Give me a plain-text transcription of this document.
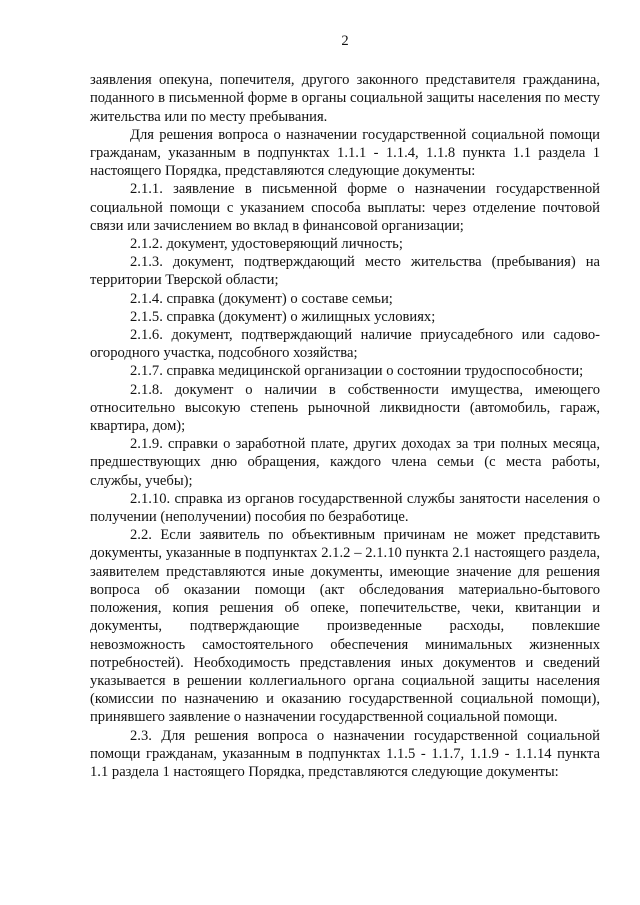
2
заявления опекуна, попечителя, другого законного представителя гражданина, поданного в письменной форме в органы социальной защиты населения по месту жительства или по месту пребывания.
Для решения вопроса о назначении государственной социальной помощи гражданам, указанным в подпунктах 1.1.1 - 1.1.4, 1.1.8 пункта 1.1 раздела 1 настоящего Порядка, представляются следующие документы:
2.1.1. заявление в письменной форме о назначении государственной социальной помощи с указанием способа выплаты: через отделение почтовой связи или зачислением во вклад в финансовой организации;
2.1.2. документ, удостоверяющий личность;
2.1.3. документ, подтверждающий место жительства (пребывания) на территории Тверской области;
2.1.4. справка (документ) о составе семьи;
2.1.5. справка (документ) о жилищных условиях;
2.1.6. документ, подтверждающий наличие приусадебного или садово-огородного участка, подсобного хозяйства;
2.1.7. справка медицинской организации о состоянии трудоспособности;
2.1.8. документ о наличии в собственности имущества, имеющего относительно высокую степень рыночной ликвидности (автомобиль, гараж, квартира, дом);
2.1.9. справки о заработной плате, других доходах за три полных месяца, предшествующих дню обращения, каждого члена семьи (с места работы, службы, учебы);
2.1.10. справка из органов государственной службы занятости населения о получении (неполучении) пособия по безработице.
2.2. Если заявитель по объективным причинам не может представить документы, указанные в подпунктах 2.1.2 – 2.1.10 пункта 2.1 настоящего раздела, заявителем представляются иные документы, имеющие значение для решения вопроса об оказании помощи (акт обследования материально-бытового положения, копия решения об опеке, попечительстве, чеки, квитанции и документы, подтверждающие произведенные расходы, повлекшие невозможность самостоятельного обеспечения минимальных жизненных потребностей). Необходимость представления иных документов и сведений указывается в решении коллегиального органа социальной защиты населения (комиссии по назначению и оказанию государственной социальной помощи), принявшего заявление о назначении государственной социальной помощи.
2.3. Для решения вопроса о назначении государственной социальной помощи гражданам, указанным в подпунктах 1.1.5 - 1.1.7, 1.1.9 - 1.1.14 пункта 1.1 раздела 1 настоящего Порядка, представляются следующие документы:
